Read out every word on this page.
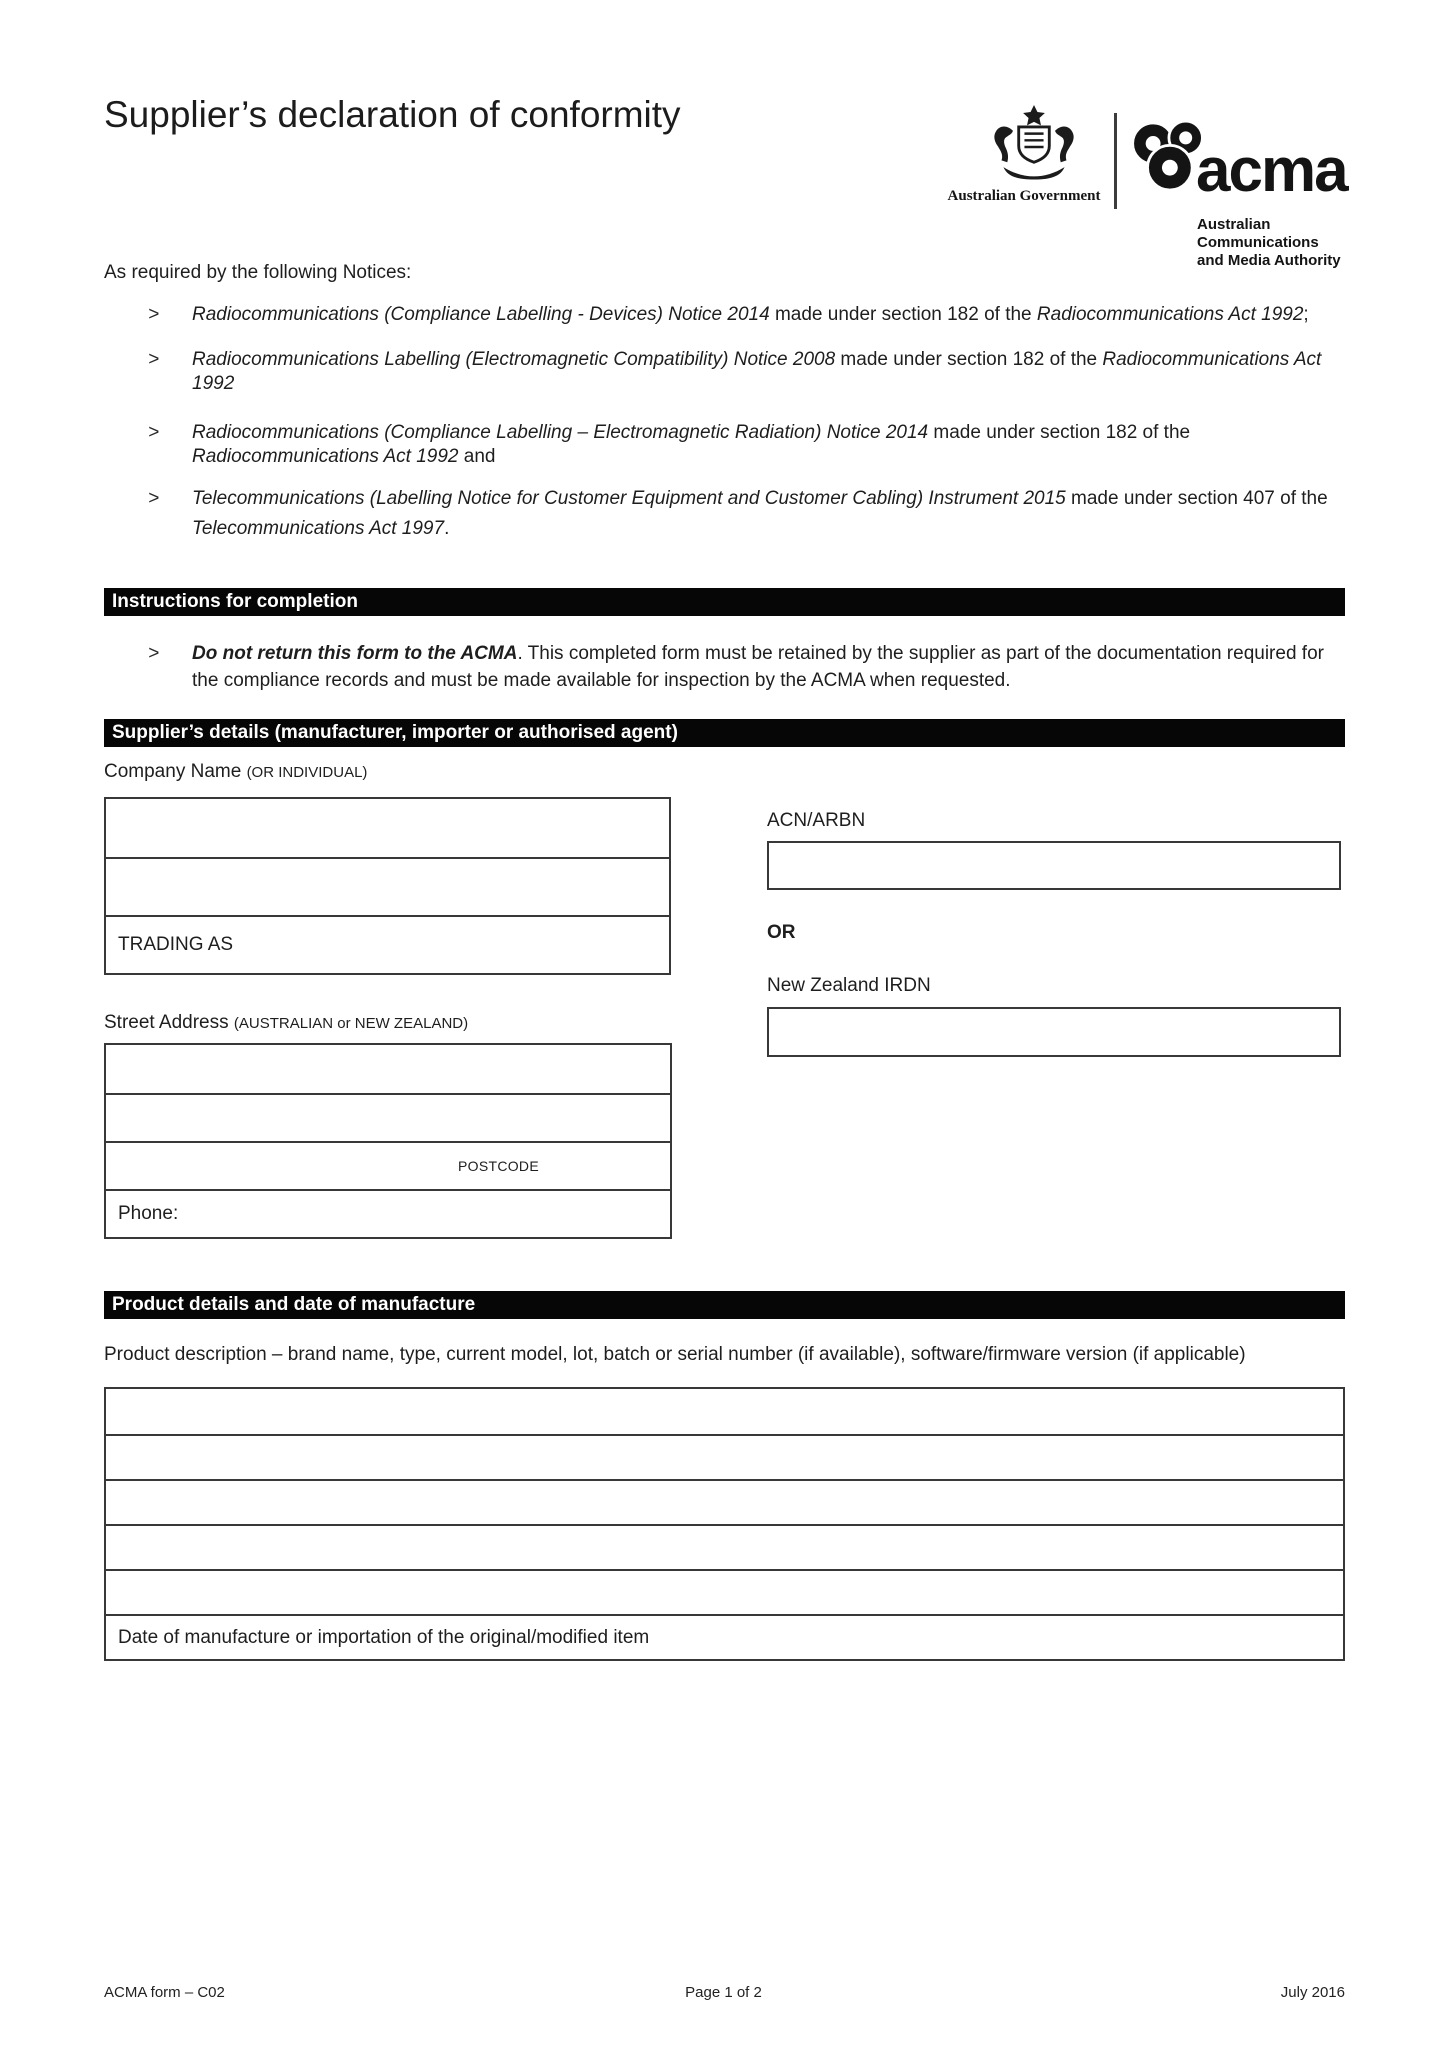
Supplier’s declaration of conformity
Australian Government acma
Australian
Communications
and Media Authority
As required by the following Notices:
> Radiocommunications (Compliance Labelling - Devices) Notice 2014 made under section 182 of the Radiocommunications Act 1992;
> Radiocommunications Labelling (Electromagnetic Compatibility) Notice 2008 made under section 182 of the Radiocommunications Act 1992
> Radiocommunications (Compliance Labelling – Electromagnetic Radiation) Notice 2014 made under section 182 of the Radiocommunications Act 1992 and
> Telecommunications (Labelling Notice for Customer Equipment and Customer Cabling) Instrument 2015 made under section 407 of the Telecommunications Act 1997.
Instructions for completion
> Do not return this form to the ACMA. This completed form must be retained by the supplier as part of the documentation required for the compliance records and must be made available for inspection by the ACMA when requested.
Supplier’s details (manufacturer, importer or authorised agent)
Company Name (OR INDIVIDUAL)
TRADING AS
ACN/ARBN
OR
New Zealand IRDN
Street Address (AUSTRALIAN or NEW ZEALAND)
POSTCODE
Phone:
Product details and date of manufacture
Product description – brand name, type, current model, lot, batch or serial number (if available), software/firmware version (if applicable)
Date of manufacture or importation of the original/modified item
ACMA form – C02	Page 1 of 2	July 2016
